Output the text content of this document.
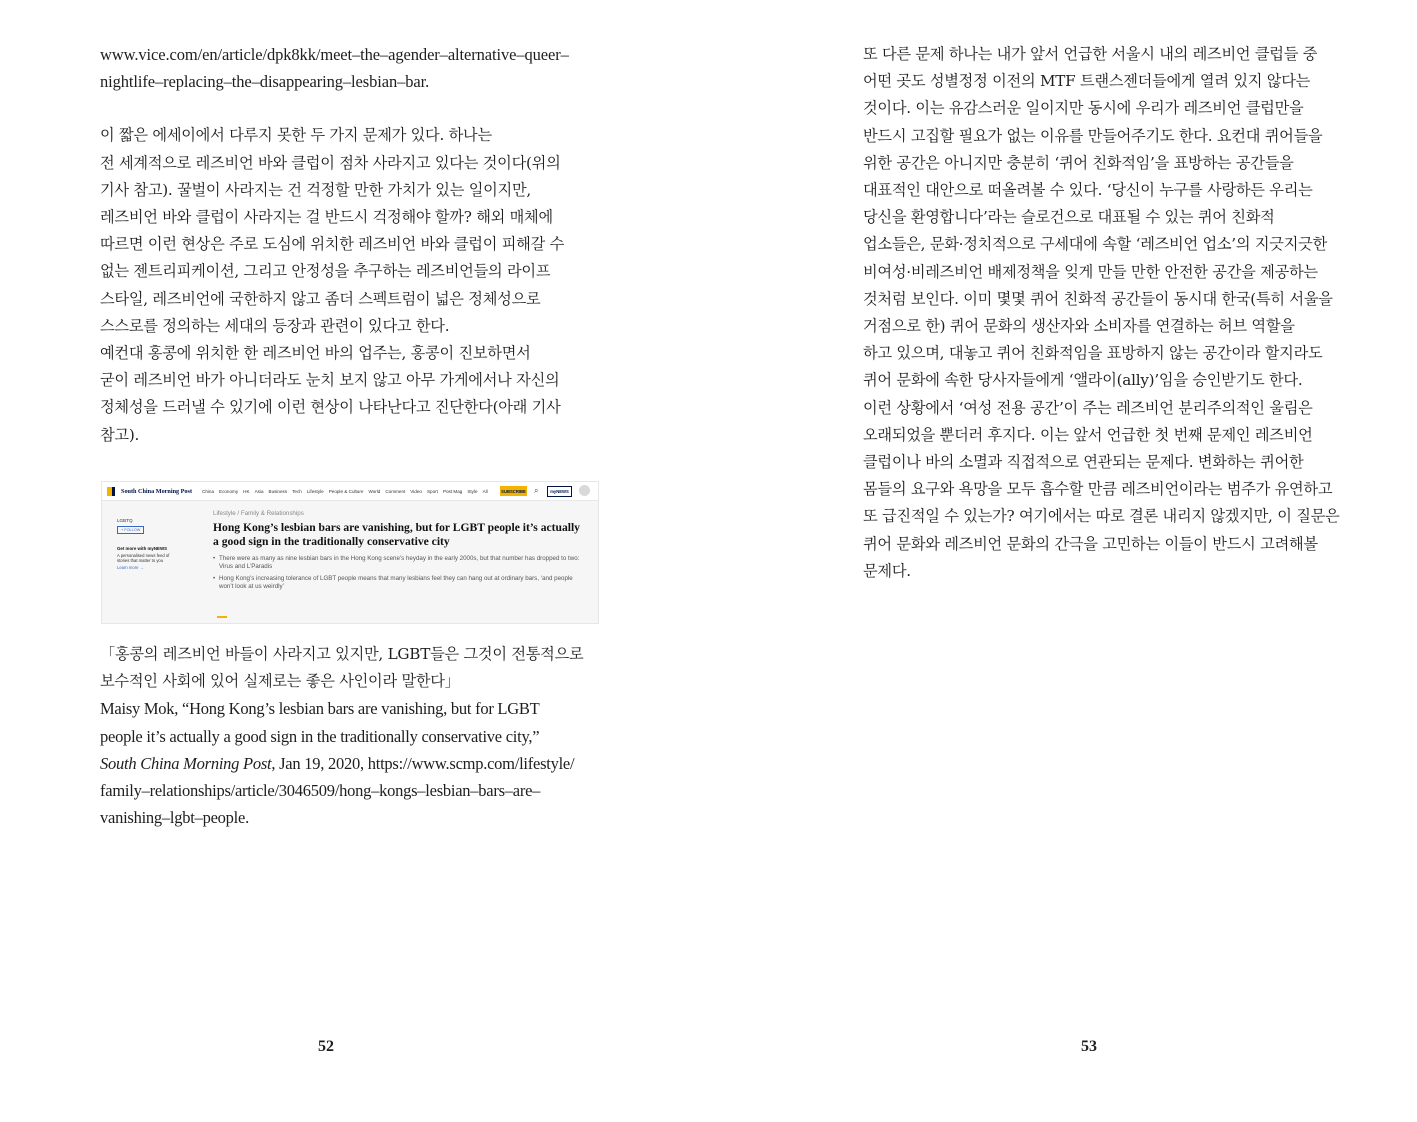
www.vice.com/en/article/dpk8kk/meet–the–agender–alternative–queer–

nightlife–replacing–the–disappearing–lesbian–bar.

이 짧은 에세이에서 다루지 못한 두 가지 문제가 있다. 하나는

전 세계적으로 레즈비언 바와 클럽이 점차 사라지고 있다는 것이다(위의

기사 참고). 꿀벌이 사라지는 건 걱정할 만한 가치가 있는 일이지만,

레즈비언 바와 클럽이 사라지는 걸 반드시 걱정해야 할까? 해외 매체에

따르면 이런 현상은 주로 도심에 위치한 레즈비언 바와 클럽이 피해갈 수

없는 젠트리피케이션, 그리고 안정성을 추구하는 레즈비언들의 라이프

스타일, 레즈비언에 국한하지 않고 좀더 스펙트럼이 넓은 정체성으로

스스로를 정의하는 세대의 등장과 관련이 있다고 한다.

예컨대 홍콩에 위치한 한 레즈비언 바의 업주는, 홍콩이 진보하면서

굳이 레즈비언 바가 아니더라도 눈치 보지 않고 아무 가게에서나 자신의

정체성을 드러낼 수 있기에 이런 현상이 나타난다고 진단한다(아래 기사

참고).

South China Morning Post China Economy HK Asia Business Tech Lifestyle People & Culture World Comment Video Sport Post Mag Style All	SUBSCRIBE ⌕	myNEWS
LGBTQ
+ FOLLOW
Get more with myNEWS
A personalised news feed of stories that matter to you
Learn more →
Lifestyle / Family & Relationships
Hong Kong’s lesbian bars are vanishing, but for LGBT people it’s actually a good sign in the traditionally conservative city
• There were as many as nine lesbian bars in the Hong Kong scene’s heyday in the early 2000s, but that number has dropped to two: Virus and L’Paradis
• Hong Kong’s increasing tolerance of LGBT people means that many lesbians feel they can hang out at ordinary bars, ‘and people won’t look at us weirdly’

「홍콩의 레즈비언 바들이 사라지고 있지만, LGBT들은 그것이 전통적으로

보수적인 사회에 있어 실제로는 좋은 사인이라 말한다」

Maisy Mok, “Hong Kong’s lesbian bars are vanishing, but for LGBT

people it’s actually a good sign in the traditionally conservative city,”

South China Morning Post, Jan 19, 2020, https://www.scmp.com/lifestyle/

family–relationships/article/3046509/hong–kongs–lesbian–bars–are–

vanishing–lgbt–people.

52

또 다른 문제 하나는 내가 앞서 언급한 서울시 내의 레즈비언 클럽들 중

어떤 곳도 성별정정 이전의 MTF 트랜스젠더들에게 열려 있지 않다는

것이다. 이는 유감스러운 일이지만 동시에 우리가 레즈비언 클럽만을

반드시 고집할 필요가 없는 이유를 만들어주기도 한다. 요컨대 퀴어들을

위한 공간은 아니지만 충분히 ‘퀴어 친화적임’을 표방하는 공간들을

대표적인 대안으로 떠올려볼 수 있다. ‘당신이 누구를 사랑하든 우리는

당신을 환영합니다’라는 슬로건으로 대표될 수 있는 퀴어 친화적

업소들은, 문화·정치적으로 구세대에 속할 ‘레즈비언 업소’의 지긋지긋한

비여성·비레즈비언 배제정책을 잊게 만들 만한 안전한 공간을 제공하는

것처럼 보인다. 이미 몇몇 퀴어 친화적 공간들이 동시대 한국(특히 서울을

거점으로 한) 퀴어 문화의 생산자와 소비자를 연결하는 허브 역할을

하고 있으며, 대놓고 퀴어 친화적임을 표방하지 않는 공간이라 할지라도

퀴어 문화에 속한 당사자들에게 ‘앨라이(ally)’임을 승인받기도 한다.

이런 상황에서 ‘여성 전용 공간’이 주는 레즈비언 분리주의적인 울림은

오래되었을 뿐더러 후지다. 이는 앞서 언급한 첫 번째 문제인 레즈비언

클럽이나 바의 소멸과 직접적으로 연관되는 문제다. 변화하는 퀴어한

몸들의 요구와 욕망을 모두 흡수할 만큼 레즈비언이라는 범주가 유연하고

또 급진적일 수 있는가? 여기에서는 따로 결론 내리지 않겠지만, 이 질문은

퀴어 문화와 레즈비언 문화의 간극을 고민하는 이들이 반드시 고려해볼

문제다.

53
